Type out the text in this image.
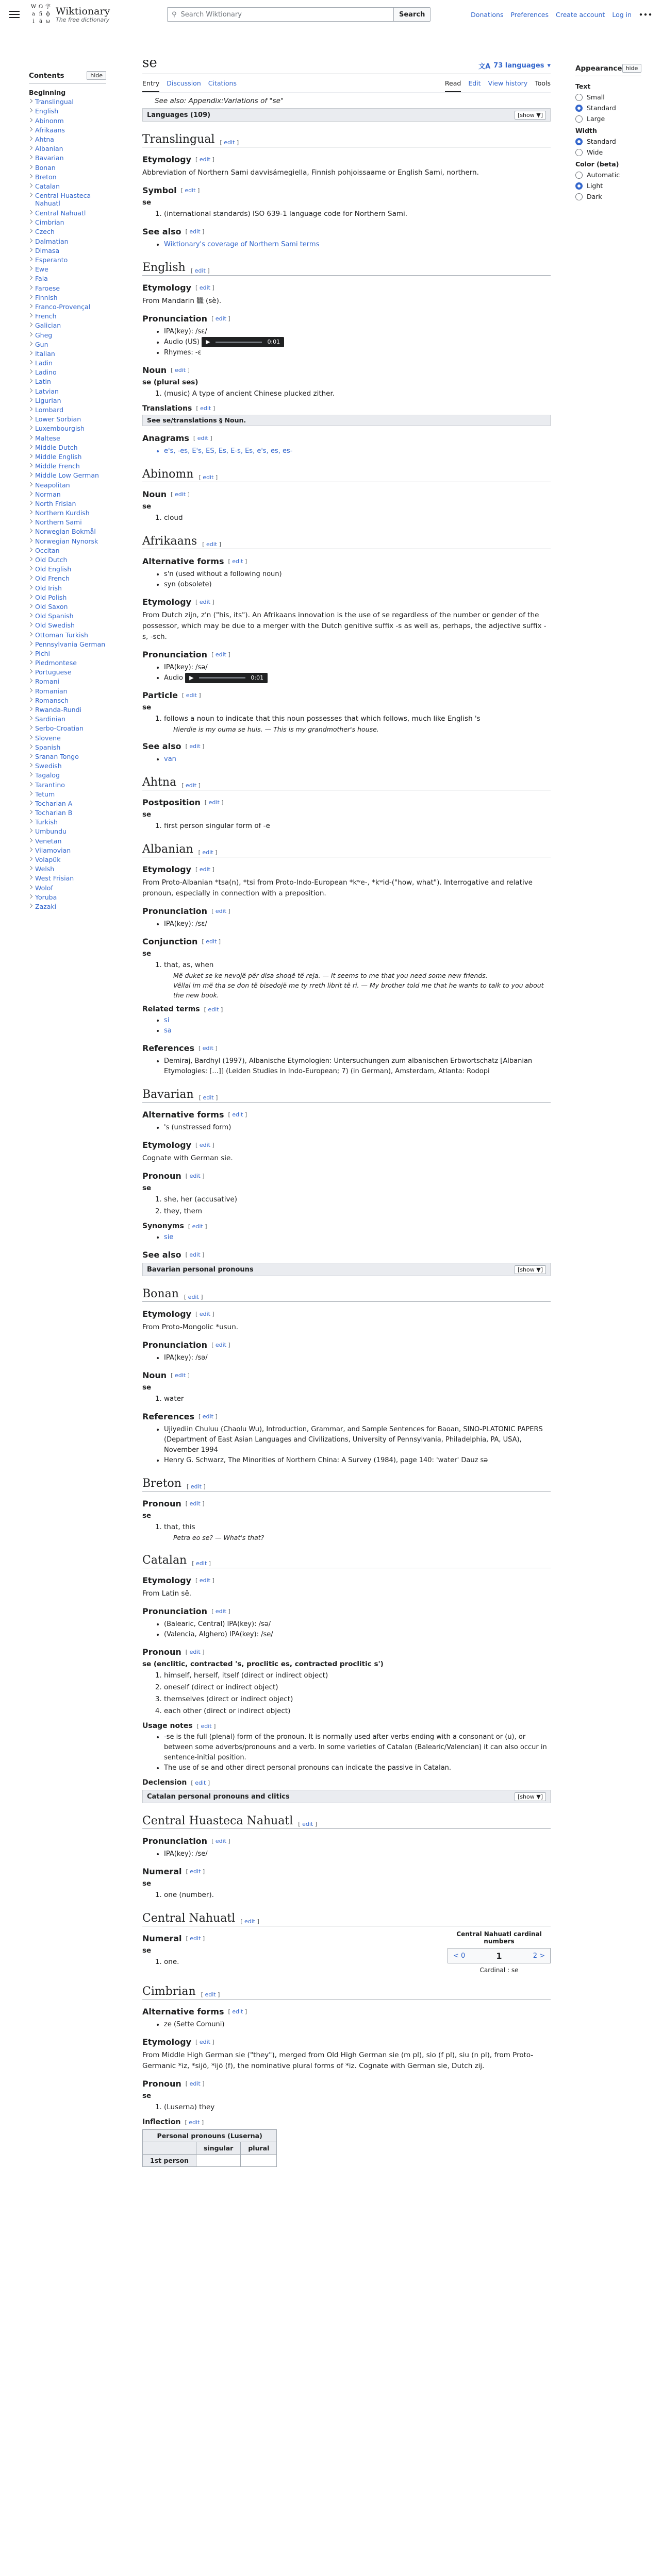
W Ω 字
a ñ ф
i ä ω
Wiktionary
The free dictionary
⚲ Search Wiktionary	Search	Donations Preferences Create account Log in •••
Contents	hide
Beginning
Translingual
English
Abinonm
Afrikaans
Ahtna
Albanian
Bavarian
Bonan
Breton
Catalan
Central Huasteca Nahuatl
Central Nahuatl
Cimbrian
Czech
Dalmatian
Dimasa
Esperanto
Ewe
Fala
Faroese
Finnish
Franco-Provençal
French
Galician
Gheg
Gun
Italian
Ladin
Ladino
Latin
Latvian
Ligurian
Lombard
Lower Sorbian
Luxembourgish
Maltese
Middle Dutch
Middle English
Middle French
Middle Low German
Neapolitan
Norman
North Frisian
Northern Kurdish
Northern Sami
Norwegian Bokmål
Norwegian Nynorsk
Occitan
Old Dutch
Old English
Old French
Old Irish
Old Polish
Old Saxon
Old Spanish
Old Swedish
Ottoman Turkish
Pennsylvania German
Pichi
Piedmontese
Portuguese
Romani
Romanian
Romansch
Rwanda-Rundi
Sardinian
Serbo-Croatian
Slovene
Spanish
Sranan Tongo
Swedish
Tagalog
Tarantino
Tetum
Tocharian A
Tocharian B
Turkish
Umbundu
Venetan
Vilamovian
Volapük
Welsh
West Frisian
Wolof
Yoruba
Zazaki
Appearance hide
Text
Small
Standard
Large
Width
Standard
Wide
Color (beta)
Automatic
Light
Dark
se	文A 73 languages ▾
Entry Discussion Citations	Read Edit View history Tools
See also: Appendix:Variations of "se"
Languages (109)	[show ▼]
Translingual [ edit ]
Etymology [ edit ]

Abbreviation of Northern Sami davvisámegiella, Finnish pohjoissaame or English Sami, northern.

Symbol [ edit ]

se

1. (international standards) ISO 639-1 language code for Northern Sami.
See also [ edit ]
• Wiktionary's coverage of Northern Sami terms
English [ edit ]
Etymology [ edit ]

From Mandarin 𪚥 (sè).

Pronunciation [ edit ]
• IPA(key): /sɛ/
• Audio (US) ▶	0:01
• Rhymes: -ɛ
Noun [ edit ]

se (plural ses)

1. (music) A type of ancient Chinese plucked zither.
Translations [ edit ]
See se/translations § Noun.
Anagrams [ edit ]
• e's, -es, E's, ES, Es, E-s, Es, e's, es, es-
Abinomn [ edit ]
Noun [ edit ]

se

1. cloud
Afrikaans [ edit ]
Alternative forms [ edit ]
• s'n (used without a following noun)
• syn (obsolete)
Etymology [ edit ]

From Dutch zijn, z'n ("his, its"). An Afrikaans innovation is the use of se regardless of the number or gender of the possessor, which may be due to a merger with the Dutch genitive suffix -s as well as, perhaps, the adjective suffix -s, -sch.

Pronunciation [ edit ]
• IPA(key): /sə/
• Audio ▶	0:01
Particle [ edit ]

se

1. follows a noun to indicate that this noun possesses that which follows, much like English 's
Hierdie is my ouma se huis. — This is my grandmother's house.
See also [ edit ]
• van
Ahtna [ edit ]
Postposition [ edit ]

se

1. first person singular form of -e
Albanian [ edit ]
Etymology [ edit ]

From Proto-Albanian *tsa(n), *tsi from Proto-Indo-European *kʷe-, *kʷid-("how, what"). Interrogative and relative pronoun, especially in connection with a preposition.

Pronunciation [ edit ]
• IPA(key): /sɛ/
Conjunction [ edit ]

se

1. that, as, when
Më duket se ke nevojë për disa shoqë të reja. — It seems to me that you need some new friends.
Vëllai im më tha se don të bisedojë me ty rreth librit të ri. — My brother told me that he wants to talk to you about the new book.
Related terms [ edit ]
• si
• sa
References [ edit ]
• Demiraj, Bardhyl (1997), Albanische Etymologien: Untersuchungen zum albanischen Erbwortschatz [Albanian Etymologies: [...]] (Leiden Studies in Indo-European; 7) (in German), Amsterdam, Atlanta: Rodopi
Bavarian [ edit ]
Alternative forms [ edit ]
• 's (unstressed form)
Etymology [ edit ]

Cognate with German sie.

Pronoun [ edit ]

se

1. she, her (accusative)
2. they, them
Synonyms [ edit ]
• sie
See also [ edit ]
Bavarian personal pronouns	[show ▼]
Bonan [ edit ]
Etymology [ edit ]

From Proto-Mongolic *usun.

Pronunciation [ edit ]
• IPA(key): /sə/
Noun [ edit ]

se

1. water
References [ edit ]
• Ujiyediin Chuluu (Chaolu Wu), Introduction, Grammar, and Sample Sentences for Baoan, SINO-PLATONIC PAPERS (Department of East Asian Languages and Civilizations, University of Pennsylvania, Philadelphia, PA, USA), November 1994
• Henry G. Schwarz, The Minorities of Northern China: A Survey (1984), page 140: 'water' Dauz sə
Breton [ edit ]
Pronoun [ edit ]

se

1. that, this
Petra eo se? — What's that?
Catalan [ edit ]
Etymology [ edit ]

From Latin sē.

Pronunciation [ edit ]
• (Balearic, Central) IPA(key): /sə/
• (Valencia, Alghero) IPA(key): /se/
Pronoun [ edit ]

se (enclitic, contracted 's, proclitic es, contracted proclitic s')

1. himself, herself, itself (direct or indirect object)
2. oneself (direct or indirect object)
3. themselves (direct or indirect object)
4. each other (direct or indirect object)
Usage notes [ edit ]
• -se is the full (plenal) form of the pronoun. It is normally used after verbs ending with a consonant or (u), or between some adverbs/pronouns and a verb. In some varieties of Catalan (Balearic/Valencian) it can also occur in sentence-initial position.
• The use of se and other direct personal pronouns can indicate the passive in Catalan.
Declension [ edit ]
Catalan personal pronouns and clitics	[show ▼]
Central Huasteca Nahuatl [ edit ]
Pronunciation [ edit ]
• IPA(key): /se/
Numeral [ edit ]

se

1. one (number).
Central Nahuatl [ edit ]
Central Nahuatl cardinal numbers
< 0	1	2 >
Cardinal : se
Numeral [ edit ]

se

1. one.
Cimbrian [ edit ]
Alternative forms [ edit ]
• ze (Sette Comuni)
Etymology [ edit ]

From Middle High German sie ("they"), merged from Old High German sie (m pl), sio (f pl), siu (n pl), from Proto-Germanic *iz, *sijō, *ijō (f), the nominative plural forms of *iz. Cognate with German sie, Dutch zij.

Pronoun [ edit ]

se

1. (Luserna) they
Inflection [ edit ]
Personal pronouns (Luserna)		
	singular	plural
1st person		
